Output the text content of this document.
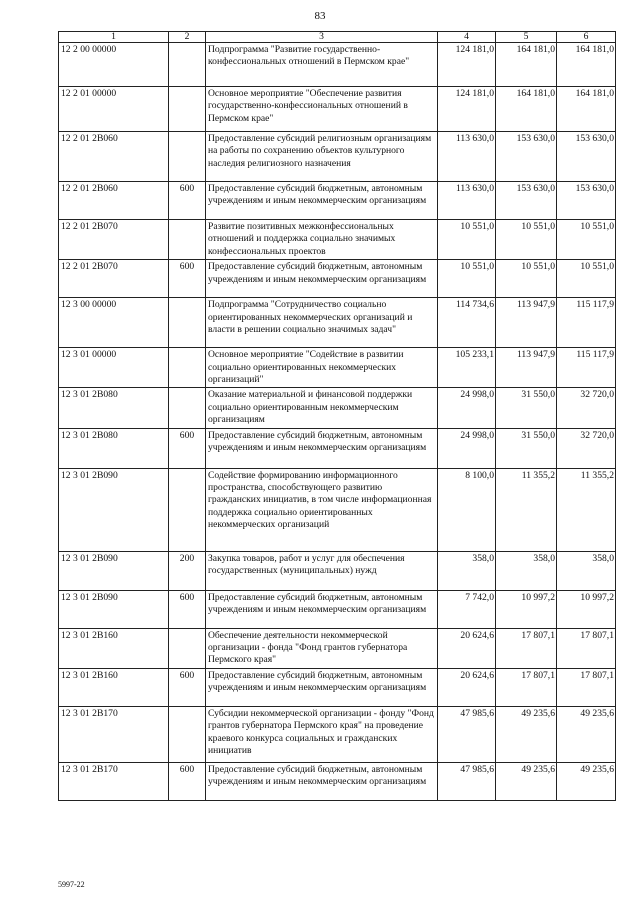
83
1	2	3	4	5	6
12 2 00 00000		Подпрограмма "Развитие государственно-конфессиональных отношений в Пермском крае"	124 181,0	164 181,0	164 181,0
12 2 01 00000		Основное мероприятие "Обеспечение развития государственно-конфессиональных отношений в Пермском крае"	124 181,0	164 181,0	164 181,0
12 2 01 2В060		Предоставление субсидий религиозным организациям на работы по сохранению объектов культурного наследия религиозного назначения	113 630,0	153 630,0	153 630,0
12 2 01 2В060	600	Предоставление субсидий бюджетным, автономным учреждениям и иным некоммерческим организациям	113 630,0	153 630,0	153 630,0
12 2 01 2В070		Развитие позитивных межконфессиональных отношений и поддержка социально значимых конфессиональных проектов	10 551,0	10 551,0	10 551,0
12 2 01 2В070	600	Предоставление субсидий бюджетным, автономным учреждениям и иным некоммерческим организациям	10 551,0	10 551,0	10 551,0
12 3 00 00000		Подпрограмма "Сотрудничество социально ориентированных некоммерческих организаций и власти в решении социально значимых задач"	114 734,6	113 947,9	115 117,9
12 3 01 00000		Основное мероприятие "Содействие в развитии социально ориентированных некоммерческих организаций"	105 233,1	113 947,9	115 117,9
12 3 01 2В080		Оказание материальной и финансовой поддержки социально ориентированным некоммерческим организациям	24 998,0	31 550,0	32 720,0
12 3 01 2В080	600	Предоставление субсидий бюджетным, автономным учреждениям и иным некоммерческим организациям	24 998,0	31 550,0	32 720,0
12 3 01 2В090		Содействие формированию информационного пространства, способствующего развитию гражданских инициатив, в том числе информационная поддержка социально ориентированных некоммерческих организаций	8 100,0	11 355,2	11 355,2
12 3 01 2В090	200	Закупка товаров, работ и услуг для обеспечения государственных (муниципальных) нужд	358,0	358,0	358,0
12 3 01 2В090	600	Предоставление субсидий бюджетным, автономным учреждениям и иным некоммерческим организациям	7 742,0	10 997,2	10 997,2
12 3 01 2В160		Обеспечение деятельности некоммерческой организации - фонда "Фонд грантов губернатора Пермского края"	20 624,6	17 807,1	17 807,1
12 3 01 2В160	600	Предоставление субсидий бюджетным, автономным учреждениям и иным некоммерческим организациям	20 624,6	17 807,1	17 807,1
12 3 01 2В170		Субсидии некоммерческой организации - фонду "Фонд грантов губернатора Пермского края" на проведение краевого конкурса социальных и гражданских инициатив	47 985,6	49 235,6	49 235,6
12 3 01 2В170	600	Предоставление субсидий бюджетным, автономным учреждениям и иным некоммерческим организациям	47 985,6	49 235,6	49 235,6
5997-22
